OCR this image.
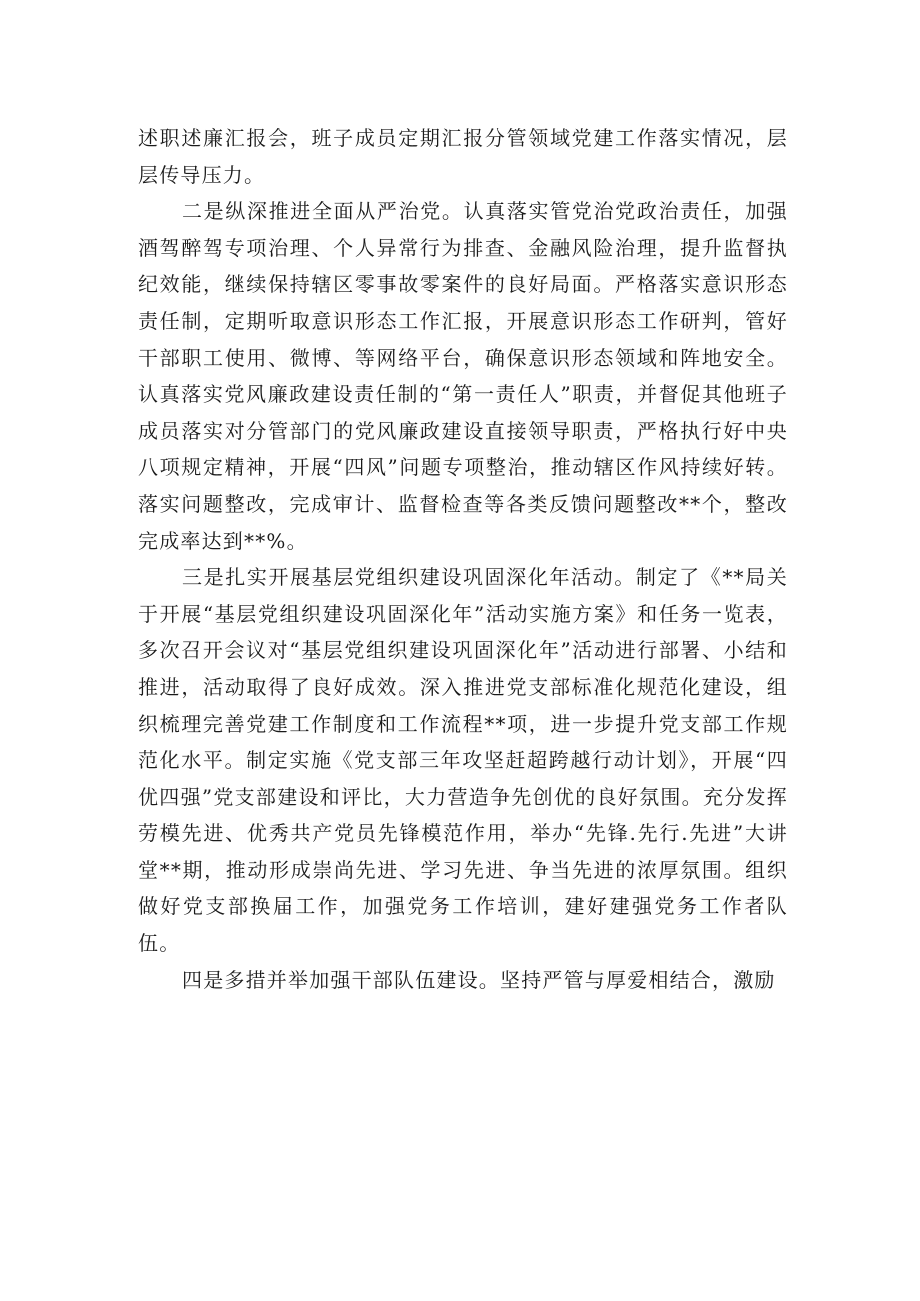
述职述廉汇报会，班子成员定期汇报分管领域党建工作落实情况，层层传导压力。

二是纵深推进全面从严治党。认真落实管党治党政治责任，加强酒驾醉驾专项治理、个人异常行为排查、金融风险治理，提升监督执纪效能，继续保持辖区零事故零案件的良好局面。严格落实意识形态责任制，定期听取意识形态工作汇报，开展意识形态工作研判，管好干部职工使用、微博、等网络平台，确保意识形态领域和阵地安全。认真落实党风廉政建设责任制的“第一责任人”职责，并督促其他班子成员落实对分管部门的党风廉政建设直接领导职责，严格执行好中央八项规定精神，开展“四风”问题专项整治，推动辖区作风持续好转。落实问题整改，完成审计、监督检查等各类反馈问题整改**个，整改完成率达到**%。

三是扎实开展基层党组织建设巩固深化年活动。制定了《**局关于开展“基层党组织建设巩固深化年”活动实施方案》和任务一览表，多次召开会议对“基层党组织建设巩固深化年”活动进行部署、小结和推进，活动取得了良好成效。深入推进党支部标准化规范化建设，组织梳理完善党建工作制度和工作流程**项，进一步提升党支部工作规范化水平。制定实施《党支部三年攻坚赶超跨越行动计划》，开展“四优四强”党支部建设和评比，大力营造争先创优的良好氛围。充分发挥劳模先进、优秀共产党员先锋模范作用，举办“先锋.先行.先进”大讲堂**期，推动形成崇尚先进、学习先进、争当先进的浓厚氛围。组织做好党支部换届工作，加强党务工作培训，建好建强党务工作者队伍。

四是多措并举加强干部队伍建设。坚持严管与厚爱相结合，激励
